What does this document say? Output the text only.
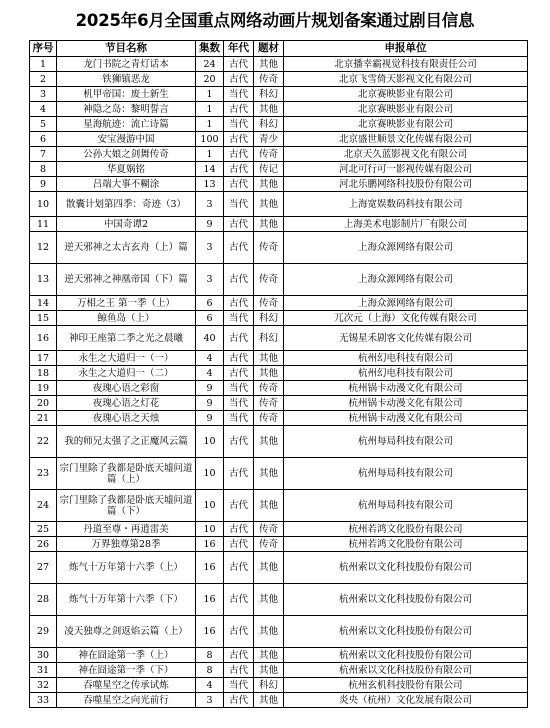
2025年6月全国重点网络动画片规划备案通过剧目信息
序号	节目名称	集数	年代	题材	申报单位
1	龙门书院之青灯话本	24	古代	其他	北京播幸霸视觉科技有限责任公司
2	铁狮镇恶龙	20	古代	传奇	北京飞雪倚天影视文化有限公司
3	机甲帝国：废土新生	1	当代	科幻	北京赛映影业有限公司
4	神隐之岛：黎明誓言	1	古代	其他	北京赛映影业有限公司
5	星海航迹：流亡诗篇	1	当代	科幻	北京赛映影业有限公司
6	安宝漫游中国	100	古代	青少	北京盛世顺景文化传媒有限公司
7	公孙大娘之剑舞传奇	1	古代	传奇	北京天久蓝影视文化有限公司
8	华夏娲铭	14	古代	传记	河北可行可一影视传媒有限公司
9	吕端大事不糊涂	13	古代	其他	河北乐鹏网络科技股份有限公司
10	散囊计划第四季：奇迹（3）	3	当代	其他	上海宽娱数码科技有限公司
11	中国奇谭2	9	古代	其他	上海美术电影制片厂有限公司
12	逆天邪神之太古玄舟（上）篇	3	古代	传奇	上海众源网络有限公司
13	逆天邪神之神凰帝国（下）篇	3	古代	传奇	上海众源网络有限公司
14	万相之王 第一季（上）	6	古代	传奇	上海众源网络有限公司
15	鲸鱼岛（上）	6	当代	科幻	兀次元（上海）文化传媒有限公司
16	神印王座第二季之光之晨曦	40	古代	科幻	无锡星禾剧客文化传媒有限公司
17	永生之大道归一（一）	4	古代	其他	杭州幻电科技有限公司
18	永生之大道归一（二）	4	古代	其他	杭州幻电科技有限公司
19	夜瑰心语之彩窗	9	当代	传奇	杭州锅卡动漫文化有限公司
20	夜瑰心语之灯花	9	当代	传奇	杭州锅卡动漫文化有限公司
21	夜瑰心语之天烛	9	当代	传奇	杭州锅卡动漫文化有限公司
22	我的师兄太强了之正魔风云篇	10	古代	其他	杭州每局科技有限公司
23	宗门里除了我都是卧底天墟问道篇（上）	10	古代	其他	杭州每局科技有限公司
24	宗门里除了我都是卧底天墟问道篇（下）	10	古代	其他	杭州每局科技有限公司
25	丹道至尊・再逍雷美	10	古代	传奇	杭州若鸿文化股份有限公司
26	万界独尊第28季	16	古代	传奇	杭州若鸿文化股份有限公司
27	炼气十万年第十六季（上）	16	古代	其他	杭州索以文化科技股份有限公司
28	炼气十万年第十六季（下）	16	古代	其他	杭州索以文化科技股份有限公司
29	凌天独尊之剑返焰云篇（上）	16	古代	其他	杭州索以文化科技股份有限公司
30	神在囧途第一季（上）	8	古代	其他	杭州索以文化科技股份有限公司
31	神在囧途第一季（下）	8	古代	其他	杭州索以文化科技股份有限公司
32	吞噬星空之传承试炼	4	当代	科幻	杭州玄机科技股份有限公司
33	吞噬星空之向光前行	3	古代	其他	炎央（杭州）文化发展有限公司
